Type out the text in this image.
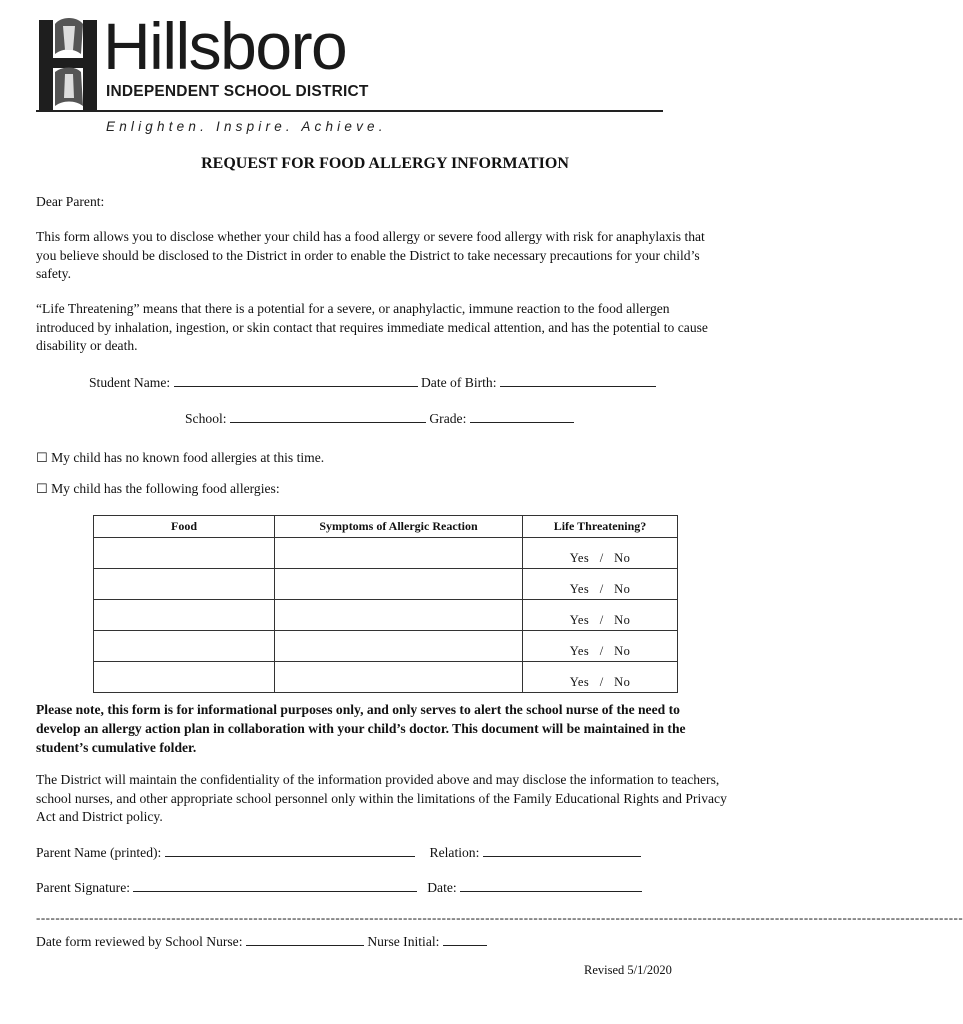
Hillsboro
INDEPENDENT SCHOOL DISTRICT
Enlighten. Inspire. Achieve.
REQUEST FOR FOOD ALLERGY INFORMATION
Dear Parent:
This form allows you to disclose whether your child has a food allergy or severe food allergy with risk for anaphylaxis that you believe should be disclosed to the District in order to enable the District to take necessary precautions for your child’s safety.
“Life Threatening” means that there is a potential for a severe, or anaphylactic, immune reaction to the food allergen introduced by inhalation, ingestion, or skin contact that requires immediate medical attention, and has the potential to cause disability or death.
Student Name:	Date of Birth:
School:	Grade:
☐ My child has no known food allergies at this time.
☐ My child has the following food allergies:
Food	Symptoms of Allergic Reaction	Life Threatening?
		Yes   /   No
		Yes   /   No
		Yes   /   No
		Yes   /   No
		Yes   /   No
Please note, this form is for informational purposes only, and only serves to alert the school nurse of the need to develop an allergy action plan in collaboration with your child’s doctor. This document will be maintained in the student’s cumulative folder.
The District will maintain the confidentiality of the information provided above and may disclose the information to teachers, school nurses, and other appropriate school personnel only within the limitations of the Family Educational Rights and Privacy Act and District policy.
Parent Name (printed):	Relation:
Parent Signature:	Date:
------------------------------------------------------------------------------------------------------------------------------------------------------------------------------------------------
Date form reviewed by School Nurse:	Nurse Initial:
Revised 5/1/2020
